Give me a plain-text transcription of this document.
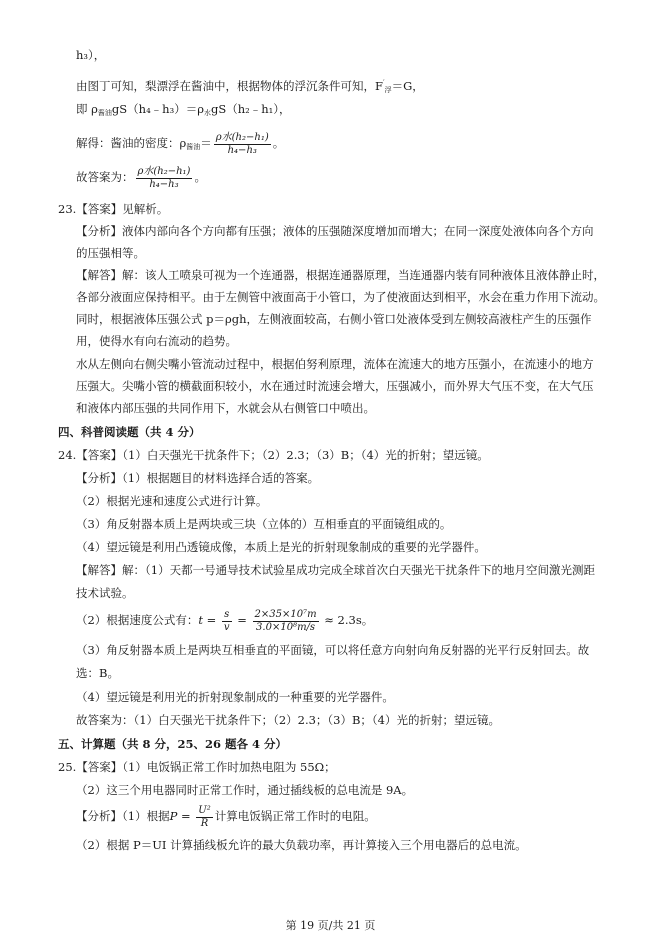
h₃），
由图丁可知，梨漂浮在酱油中，根据物体的浮沉条件可知，$F'_浮=G$，
即 $\rho_{酱油}gS(h_4﹣h_3)=\rho_水gS(h_2﹣h_1)$，
解得：酱油的密度：$\rho_{酱油}= \frac{\text{ρ水(h₂−h₁)}}{\text{h₄−h₃}}$ 。
故答案为： $\frac{\text{ρ水(h₂−h₁)}}{\text{h₄−h₃}}$ 。
23.【答案】见解析。
【分析】液体内部向各个方向都有压强；液体的压强随深度增加而增大；在同一深度处液体向各个方向
的压强相等。
【解答】解：该人工喷泉可视为一个连通器，根据连通器原理，当连通器内装有同种液体且液体静止时，
各部分液面应保持相平。由于左侧管中液面高于小管口，为了使液面达到相平，水会在重力作用下流动。
同时，根据液体压强公式 p＝ρgh，左侧液面较高，右侧小管口处液体受到左侧较高液柱产生的压强作
用，使得水有向右流动的趋势。
水从左侧向右侧尖嘴小管流动过程中，根据伯努利原理，流体在流速大的地方压强小，在流速小的地方
压强大。尖嘴小管的横截面积较小，水在通过时流速会增大，压强减小，而外界大气压不变，在大气压
和液体内部压强的共同作用下，水就会从右侧管口中喷出。
四、科普阅读题（共 4 分）
24.【答案】（1）白天强光干扰条件下；（2）2.3；（3）B；（4）光的折射；望远镜。
【分析】（1）根据题目的材料选择合适的答案。
（2）根据光速和速度公式进行计算。
（3）角反射器本质上是两块或三块（立体的）互相垂直的平面镜组成的。
（4）望远镜是利用凸透镜成像，本质上是光的折射现象制成的重要的光学器件。
【解答】解：（1）天都一号通导技术试验星成功完成全球首次白天强光干扰条件下的地月空间激光测距
技术试验。
（2）根据速度公式有：$t = \frac{s}{v} = \frac{\text{2×35×10⁷m}}{\text{3.0×10⁸m/s}} \approx 2.3s$。
（3）角反射器本质上是两块互相垂直的平面镜，可以将任意方向射向角反射器的光平行反射回去。故
选：B。
（4）望远镜是利用光的折射现象制成的一种重要的光学器件。
故答案为：（1）白天强光干扰条件下；（2）2.3；（3）B；（4）光的折射；望远镜。
五、计算题（共 8 分，25、26 题各 4 分）
25.【答案】（1）电饭锅正常工作时加热电阻为 55Ω；
（2）这三个用电器同时正常工作时，通过插线板的总电流是 9A。
【分析】（1）根据$P = \frac{\text{U²}}{R}$ 计算电饭锅正常工作时的电阻。
（2）根据 P＝UI 计算插线板允许的最大负载功率，再计算接入三个用电器后的总电流。
第 19 页/共 21 页
